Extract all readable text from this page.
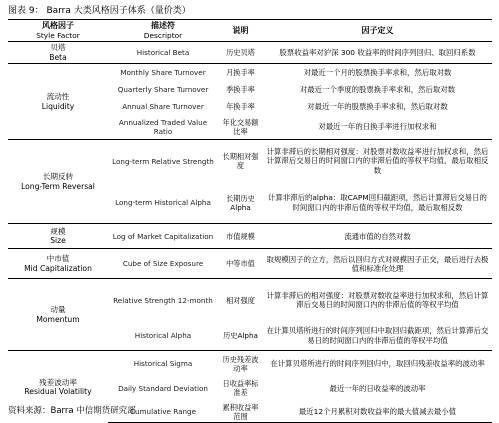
图表 9： Barra 大类风格因子体系（量价类）
风格因子
Style Factor	描述符
Descriptor	说明	因子定义

贝塔
Beta	Historical Beta	历史贝塔	股票收益率对沪深 300 收益率的时间序列回归、取回归系数

流动性
Liquidity	Monthly Share Turnover	月换手率	对最近一个月的股票换手率求和，然后取对数
	Quarterly Share Turnover	季换手率	对最近一个季度的股票换手率求和，然后取对数
	Annual Share Turnover	年换手率	对最近一年的股票换手率求和，然后取对数
	Annualized Traded Value Ratio	年化交易额比率	对最近一年的日换手率进行加权求和

长期反转
Long-Term Reversal	Long-term Relative Strength	长期相对强度	计算非滞后的长期相对强度：对股票对数收益率进行加权求和，然后计算滞后交易日的时间窗口内的非滞后值的等权平均值，最后取相反数
	Long-term Historical Alpha	长期历史Alpha	计算非滞后的alpha：取CAPM回归截距项，然后计算滞后交易日的时间窗口内的非滞后值的等权平均值，最后取相反数

规模
Size	Log of Market Capitalization	市值规模	流通市值的自然对数

中市值
Mid Capitalization	Cube of Size Exposure	中等市值	取规模因子的立方，然后以回归方式对规模因子正交，最后进行去极值和标准化处理

动量
Momentum	Relative Strength 12-month	相对强度	计算非滞后的相对强度：对股票对数收益率进行加权求和，然后计算滞后交易日的时间窗口内的非滞后值的等权平均值
	Historical Alpha	历史Alpha	在计算贝塔所进行的时间序列回归中取回归截距项，然后计算滞后交易日的时间窗口内的非滞后值的等权平均值

残差波动率
Residual Volatility	Historical Sigma	历史残差波动率	在计算贝塔所进行的时间序列回归中，取回归残差收益率的波动率
	Daily Standard Deviation	日收益率标准差	最近一年的日收益率的波动率
	Cumulative Range	累积收益率范围	最近12个月累积对数收益率的最大值减去最小值
资料来源：Barra 中信期货研究部
